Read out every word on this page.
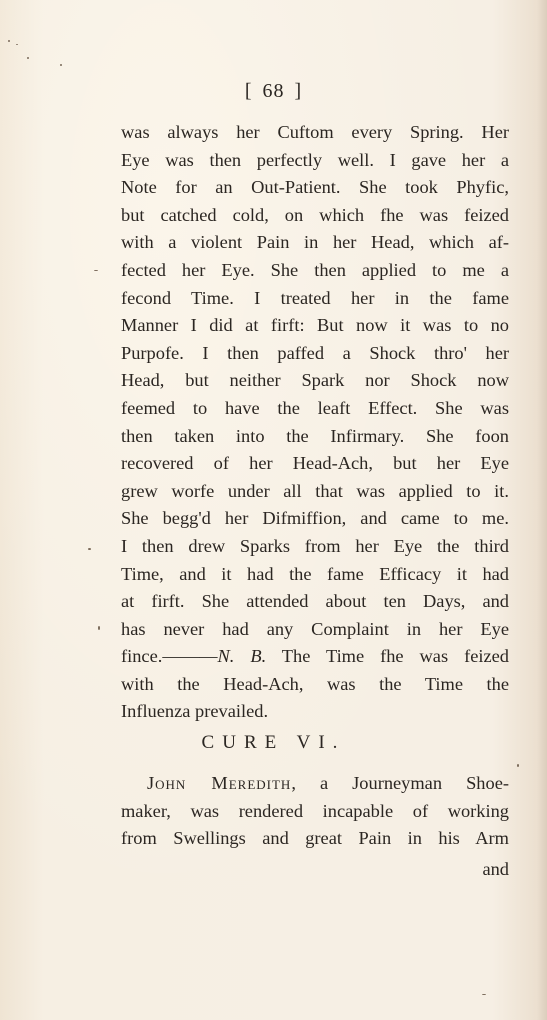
[ 68 ]
was always her Cuftom every Spring. Her
Eye was then perfectly well. I gave her a
Note for an Out-Patient. She took Phyfic,
but catched cold, on which fhe was feized
with a violent Pain in her Head, which af-
fected her Eye. She then applied to me a
fecond Time. I treated her in the fame
Manner I did at firft: But now it was to no
Purpofe. I then paffed a Shock thro' her
Head, but neither Spark nor Shock now
feemed to have the leaft Effect. She was
then taken into the Infirmary. She foon
recovered of her Head-Ach, but her Eye
grew worfe under all that was applied to it.
She begg'd her Difmiffion, and came to me.
I then drew Sparks from her Eye the third
Time, and it had the fame Efficacy it had
at firft. She attended about ten Days, and
has never had any Complaint in her Eye
fince.———N. B. The Time fhe was feized
with the Head-Ach, was the Time the
Influenza prevailed.
CURE VI.
John Meredith, a Journeyman Shoe-
maker, was rendered incapable of working
from Swellings and great Pain in his Arm
and
